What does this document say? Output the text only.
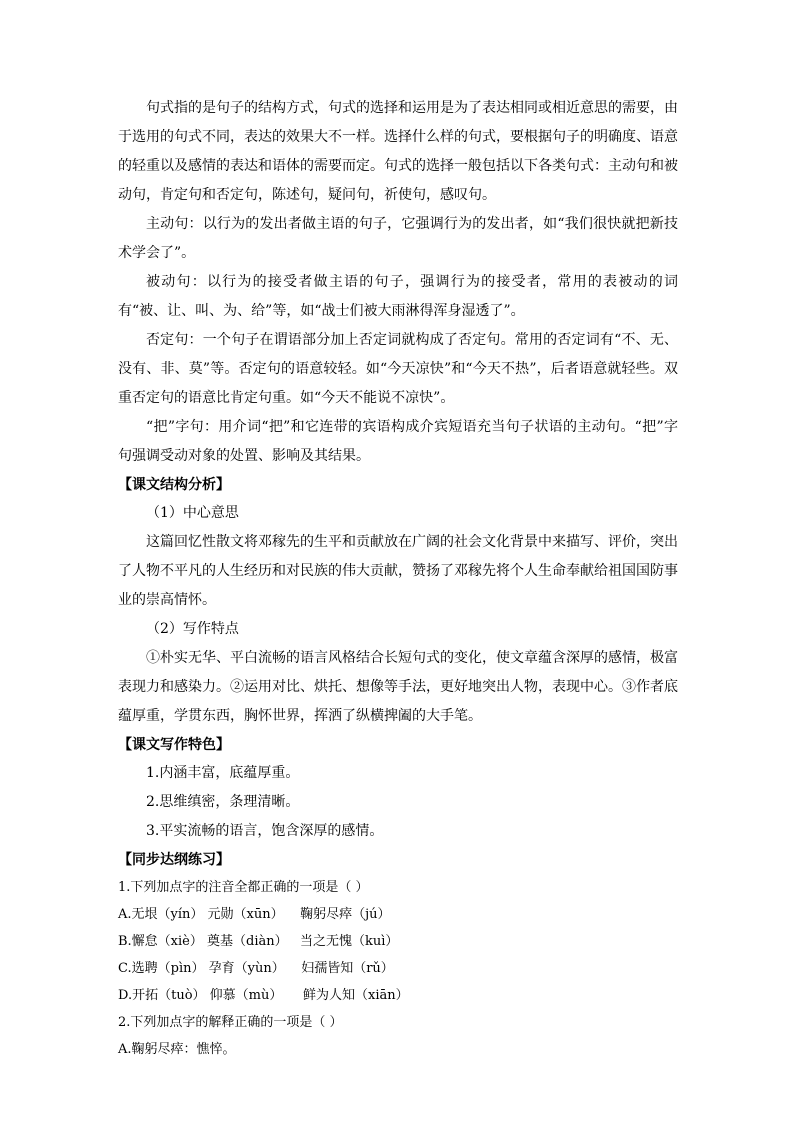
句式指的是句子的结构方式，句式的选择和运用是为了表达相同或相近意思的需要，由于选用的句式不同，表达的效果大不一样。选择什么样的句式，要根据句子的明确度、语意的轻重以及感情的表达和语体的需要而定。句式的选择一般包括以下各类句式：主动句和被动句，肯定句和否定句，陈述句，疑问句，祈使句，感叹句。

主动句：以行为的发出者做主语的句子，它强调行为的发出者，如“我们很快就把新技术学会了”。

被动句：以行为的接受者做主语的句子，强调行为的接受者，常用的表被动的词有“被、让、叫、为、给”等，如“战士们被大雨淋得浑身湿透了”。

否定句：一个句子在谓语部分加上否定词就构成了否定句。常用的否定词有“不、无、没有、非、莫”等。否定句的语意较轻。如“今天凉快”和“今天不热”，后者语意就轻些。双重否定句的语意比肯定句重。如“今天不能说不凉快”。

“把”字句：用介词“把”和它连带的宾语构成介宾短语充当句子状语的主动句。“把”字句强调受动对象的处置、影响及其结果。

【课文结构分析】

（1）中心意思

这篇回忆性散文将邓稼先的生平和贡献放在广阔的社会文化背景中来描写、评价，突出了人物不平凡的人生经历和对民族的伟大贡献，赞扬了邓稼先将个人生命奉献给祖国国防事业的崇高情怀。

（2）写作特点

①朴实无华、平白流畅的语言风格结合长短句式的变化，使文章蕴含深厚的感情，极富表现力和感染力。②运用对比、烘托、想像等手法，更好地突出人物，表现中心。③作者底蕴厚重，学贯东西，胸怀世界，挥洒了纵横捭阖的大手笔。

【课文写作特色】

1.内涵丰富，底蕴厚重。

2.思维缜密，条理清晰。

3.平实流畅的语言，饱含深厚的感情。

【同步达纲练习】

1.下列加点字的注音全都正确的一项是（ ）

A.无垠（yín） 元勋（xūn）    鞠躬尽瘁（jú）

B.懈怠（xiè） 奠基（diàn）   当之无愧（kuì）

C.选聘（pìn） 孕育（yùn）    妇孺皆知（rǔ）

D.开拓（tuò） 仰慕（mù）     鲜为人知（xiān）

2.下列加点字的解释正确的一项是（ ）

A.鞠躬尽瘁：憔悴。
